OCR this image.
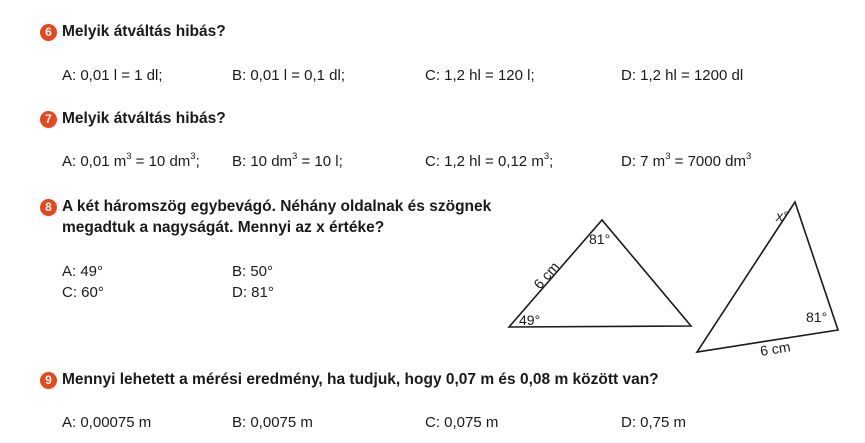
6 Melyik átváltás hibás?
A: 0,01 l = 1 dl;	B: 0,01 l = 0,1 dl;	C: 1,2 hl = 120 l;	D: 1,2 hl = 1200 dl
7 Melyik átváltás hibás?
A: 0,01 $m^3 = 10$ $dm^3$; B: 10 $dm^3 = 10$ l;	C: 1,2 hl = 0,12 $m^3$;	D: 7 $m^3 = 7000$ $dm^3$
8 A két háromszög egybevágó. Néhány oldalnak és szögnek
megadtuk a nagyságát. Mennyi az x értéke?
A: 49°	B: 50°
C: 60°	D: 81°
81°
49°
6 cm
x°
81°
6 cm
9 Mennyi lehetett a mérési eredmény, ha tudjuk, hogy 0,07 m és 0,08 m között van?
A: 0,00075 m	B: 0,0075 m	C: 0,075 m	D: 0,75 m
